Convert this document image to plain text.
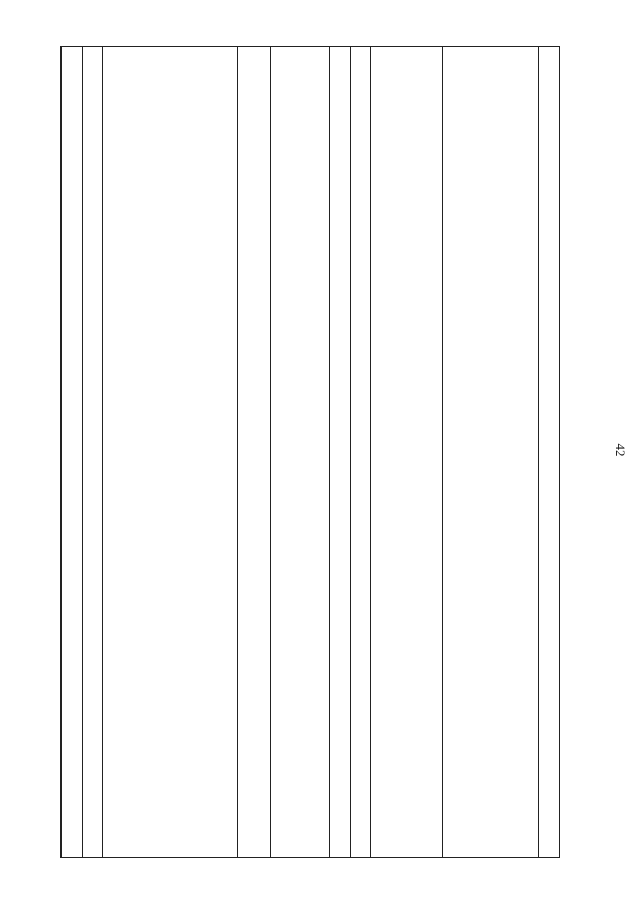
42
